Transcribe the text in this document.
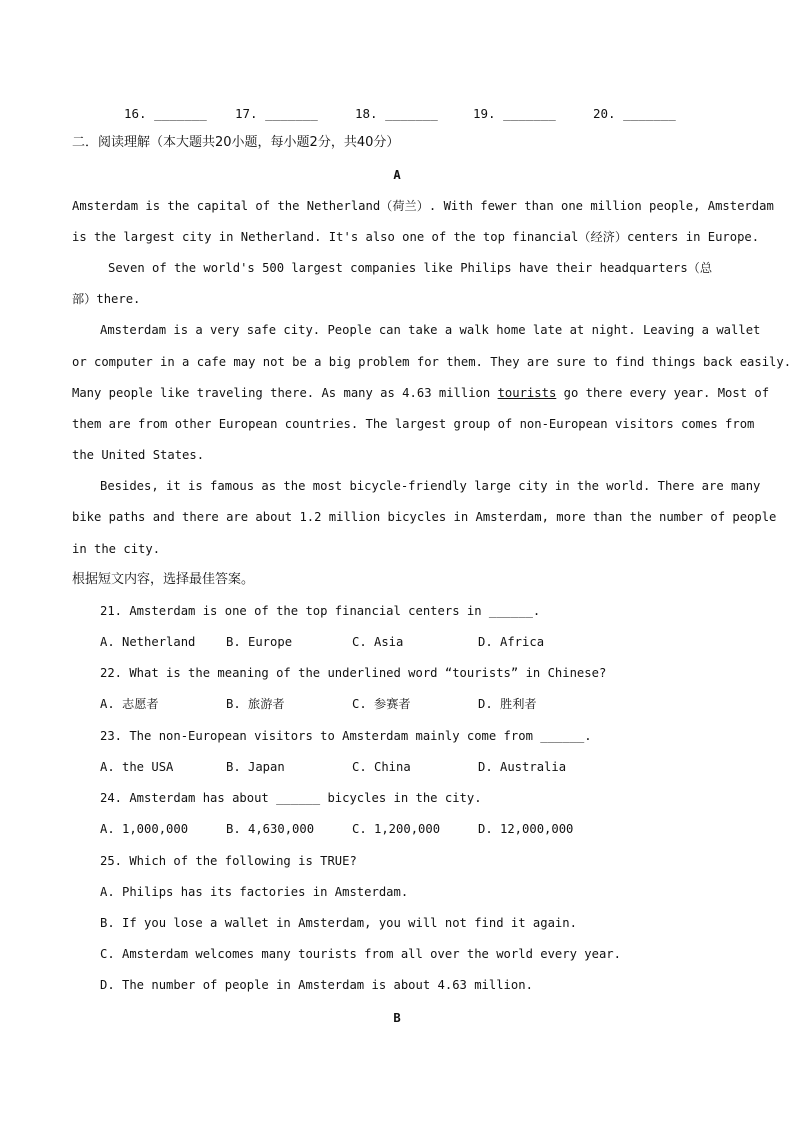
16. _______ 17. _______	18. _______	19. _______	20. _______
二．阅读理解（本大题共20小题，每小题2分，共40分）
A
Amsterdam is the capital of the Netherland（荷兰）. With fewer than one million people, Amsterdam
is the largest city in Netherland. It's also one of the top financial（经济）centers in Europe.
Seven of the world's 500 largest companies like Philips have their headquarters（总
部）there.
Amsterdam is a very safe city. People can take a walk home late at night. Leaving a wallet
or computer in a cafe may not be a big problem for them. They are sure to find things back easily.
Many people like traveling there. As many as 4.63 million tourists go there every year. Most of
them are from other European countries. The largest group of non-European visitors comes from
the United States.
Besides, it is famous as the most bicycle-friendly large city in the world. There are many
bike paths and there are about 1.2 million bicycles in Amsterdam, more than the number of people
in the city.
根据短文内容，选择最佳答案。
21. Amsterdam is one of the top financial centers in ______.
A. Netherland	B. Europe	C. Asia	D. Africa
22. What is the meaning of the underlined word “tourists” in Chinese?
A. 志愿者	B. 旅游者	C. 参赛者	D. 胜利者
23. The non-European visitors to Amsterdam mainly come from ______.
A. the USA	B. Japan	C. China	D. Australia
24. Amsterdam has about ______ bicycles in the city.
A. 1,000,000	B. 4,630,000	C. 1,200,000	D. 12,000,000
25. Which of the following is TRUE?
A. Philips has its factories in Amsterdam.
B. If you lose a wallet in Amsterdam, you will not find it again.
C. Amsterdam welcomes many tourists from all over the world every year.
D. The number of people in Amsterdam is about 4.63 million.
B
